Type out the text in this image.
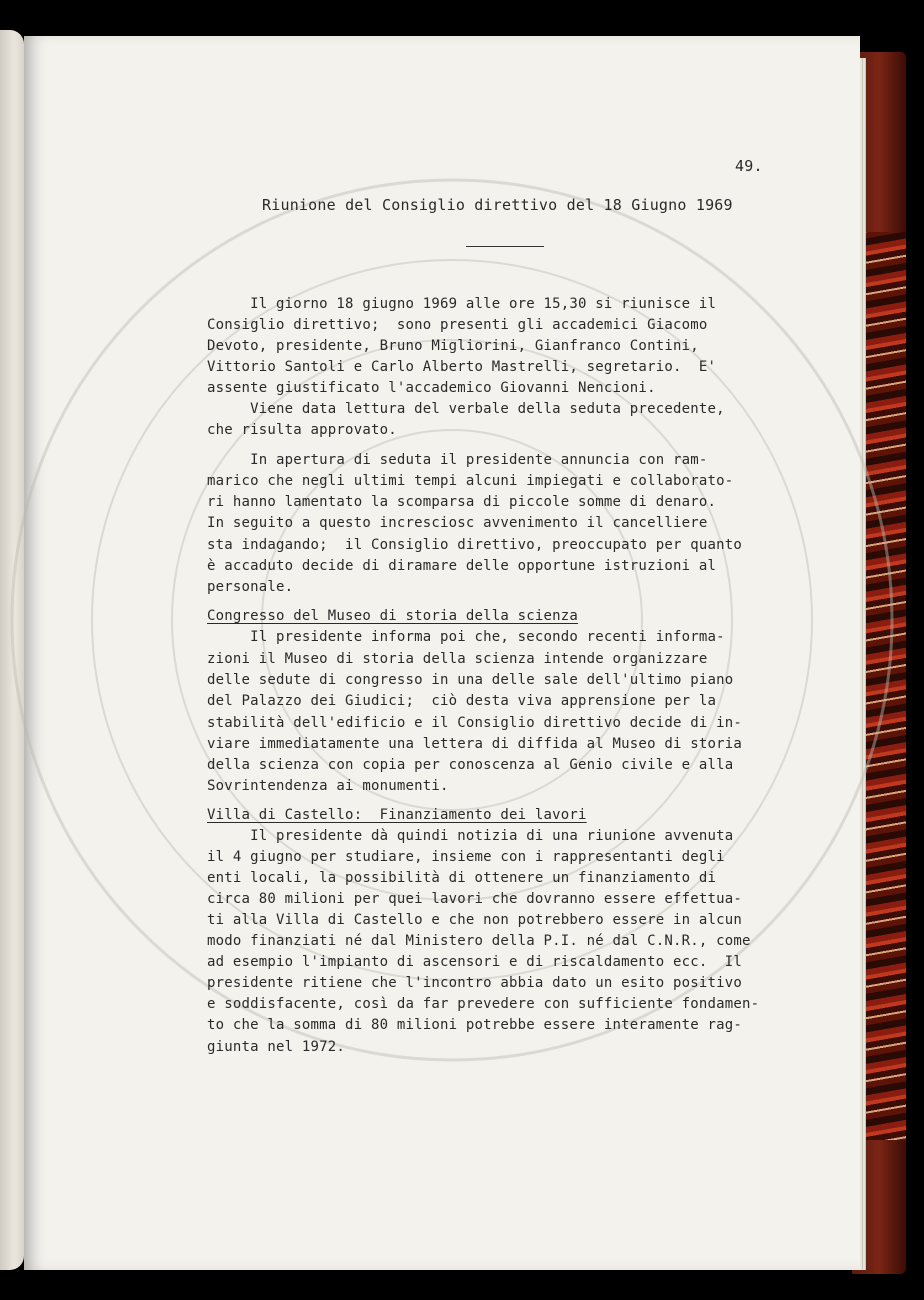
49.
Riunione del Consiglio direttivo del 18 Giugno 1969
Il giorno 18 giugno 1969 alle ore 15,30 si riunisce il
Consiglio direttivo;  sono presenti gli accademici Giacomo
Devoto, presidente, Bruno Migliorini, Gianfranco Contini,
Vittorio Santoli e Carlo Alberto Mastrelli, segretario.  E'
assente giustificato l'accademico Giovanni Nencioni.
Viene data lettura del verbale della seduta precedente,
che risulta approvato.
In apertura di seduta il presidente annuncia con ram-
marico che negli ultimi tempi alcuni impiegati e collaborato-
ri hanno lamentato la scomparsa di piccole somme di denaro.
In seguito a questo incresciosc avvenimento il cancelliere
sta indagando;  il Consiglio direttivo, preoccupato per quanto
è accaduto decide di diramare delle opportune istruzioni al
personale.
Congresso del Museo di storia della scienza
Il presidente informa poi che, secondo recenti informa-
zioni il Museo di storia della scienza intende organizzare
delle sedute di congresso in una delle sale dell'ultimo piano
del Palazzo dei Giudici;  ciò desta viva apprensione per la
stabilità dell'edificio e il Consiglio direttivo decide di in-
viare immediatamente una lettera di diffida al Museo di storia
della scienza con copia per conoscenza al Genio civile e alla
Sovrintendenza ai monumenti.
Villa di Castello:  Finanziamento dei lavori
Il presidente dà quindi notizia di una riunione avvenuta
il 4 giugno per studiare, insieme con i rappresentanti degli
enti locali, la possibilità di ottenere un finanziamento di
circa 80 milioni per quei lavori che dovranno essere effettua-
ti alla Villa di Castello e che non potrebbero essere in alcun
modo finanziati né dal Ministero della P.I. né dal C.N.R., come
ad esempio l'impianto di ascensori e di riscaldamento ecc.  Il
presidente ritiene che l'incontro abbia dato un esito positivo
e soddisfacente, così da far prevedere con sufficiente fondamen-
to che la somma di 80 milioni potrebbe essere interamente rag-
giunta nel 1972.
